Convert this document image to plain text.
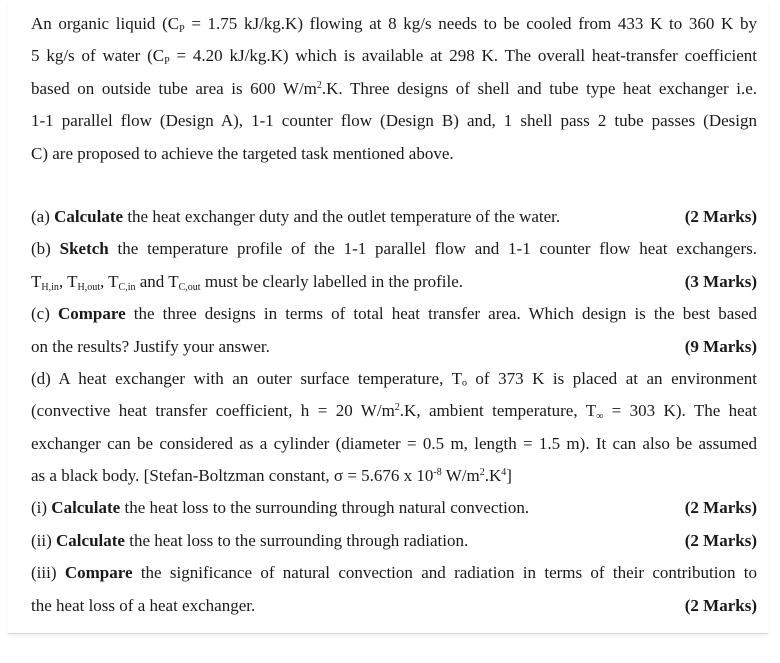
An organic liquid ($C_P = 1.75$ kJ/kg.K) flowing at 8 kg/s needs to be cooled from 433 K to 360 K by
5 kg/s of water ($C_P = 4.20$ kJ/kg.K) which is available at 298 K. The overall heat-transfer coefficient
based on outside tube area is 600 $W/m^2.K$. Three designs of shell and tube type heat exchanger i.e.
1-1 parallel flow (Design A), 1-1 counter flow (Design B) and, 1 shell pass 2 tube passes (Design
C) are proposed to achieve the targeted task mentioned above.
(a) Calculate the heat exchanger duty and the outlet temperature of the water.	(2 Marks)
(b) Sketch the temperature profile of the 1-1 parallel flow and 1-1 counter flow heat exchangers.
$T_{H,in}$, $T_{H,out}$, $T_{C,in}$ and $T_{C,out}$ must be clearly labelled in the profile.	(3 Marks)
(c) Compare the three designs in terms of total heat transfer area. Which design is the best based
on the results? Justify your answer.	(9 Marks)
(d) A heat exchanger with an outer surface temperature, Tₒ of 373 K is placed at an environment
(convective heat transfer coefficient, h = 20 $W/m^2.K$, ambient temperature, $T_\infty = 303$ K). The heat
exchanger can be considered as a cylinder (diameter = 0.5 m, length = 1.5 m). It can also be assumed
as a black body. [Stefan-Boltzman constant, σ = 5.676 x $10^{-8}$ $W/m^2.K^4$]
(i) Calculate the heat loss to the surrounding through natural convection.	(2 Marks)
(ii) Calculate the heat loss to the surrounding through radiation.	(2 Marks)
(iii) Compare the significance of natural convection and radiation in terms of their contribution to
the heat loss of a heat exchanger.	(2 Marks)
